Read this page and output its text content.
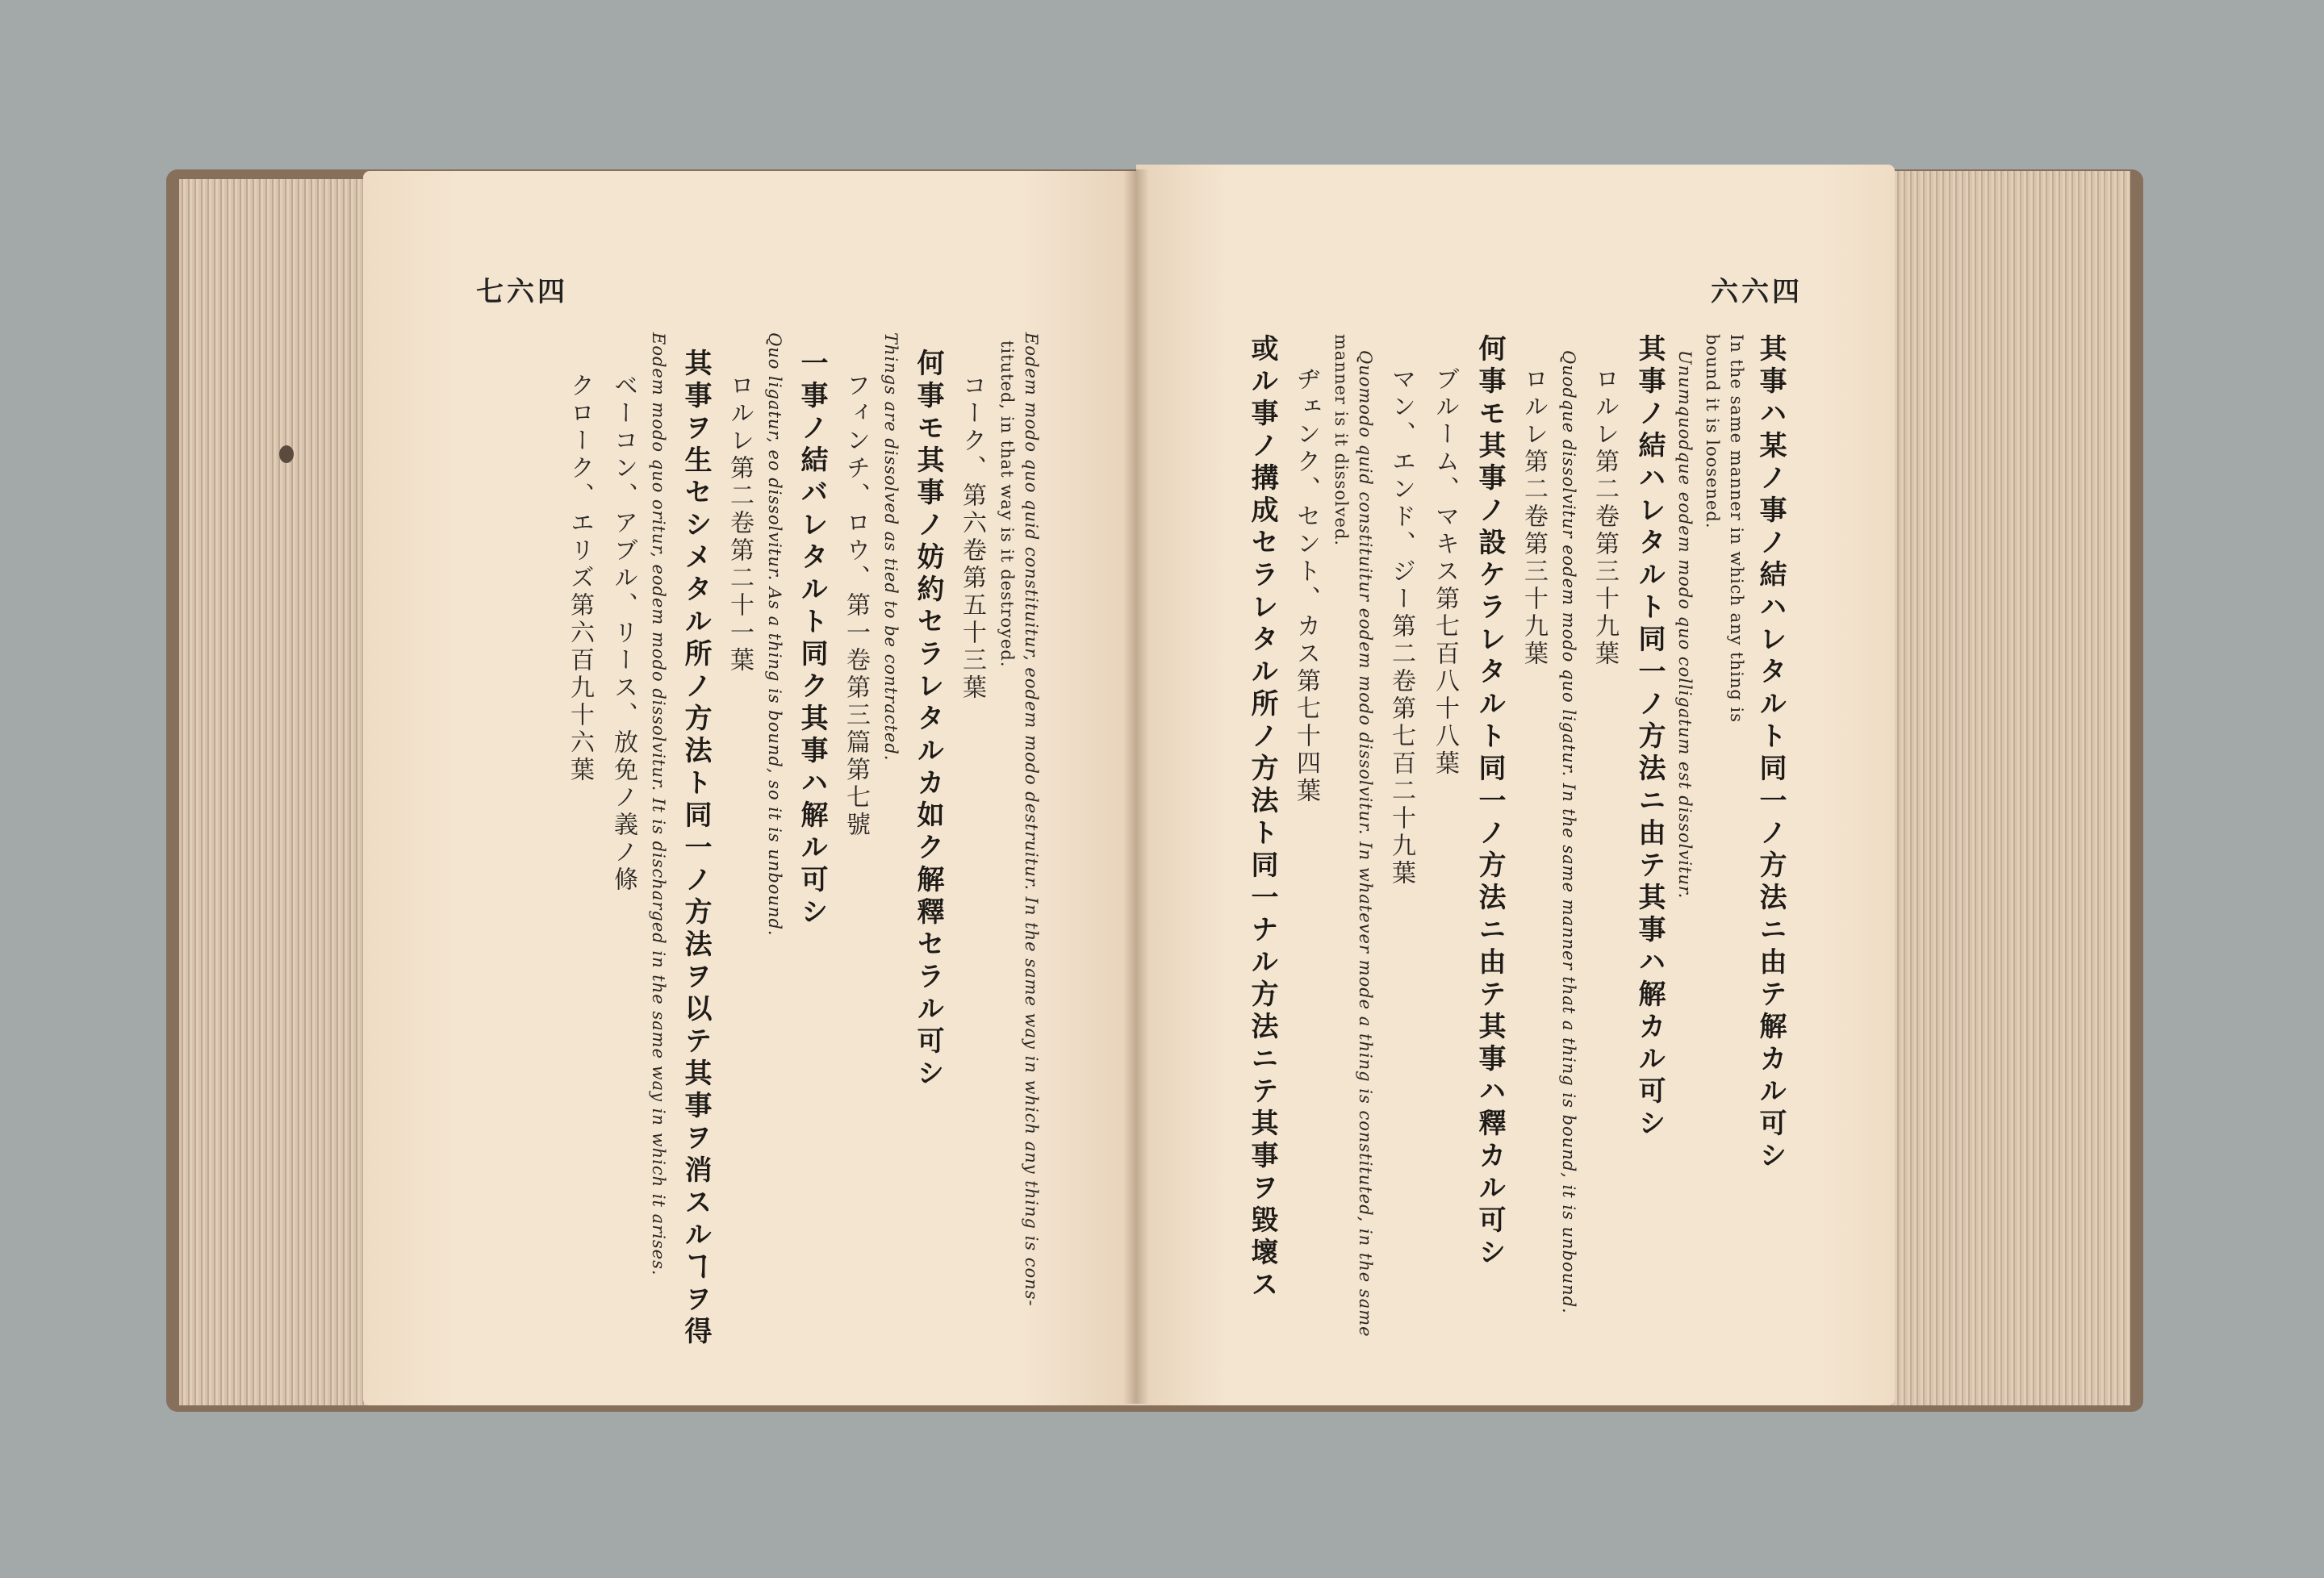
七六四
Eodem modo quo quid constituitur, eodem modo destruitur. In the same way in which any thing is cons-
tituted, in that way is it destroyed.
コーク、第六卷第五十三葉
何事モ其事ノ妨約セラレタルカ如ク解釋セラル可シ
Things are dissolved as tied to be contracted.
フィンチ、ロウ、第一卷第三篇第七號
一事ノ結バレタルト同ク其事ハ解ル可シ
Quo ligatur, eo dissolvitur. As a thing is bound, so it is unbound.
ロルレ第二卷第二十一葉
其事ヲ生セシメタル所ノ方法ト同一ノ方法ヲ以テ其事ヲ消スルヿヲ得
Eodem modo quo oritur, eodem modo dissolvitur. It is discharged in the same way in which it arises.
ベーコン、アブル、リース、放免ノ義ノ條
クローク、エリズ第六百九十六葉
六六四
其事ハ某ノ事ノ結ハレタルト同一ノ方法ニ由テ解カル可シ
In the same manner in which any thing is
bound it is loosened.
Unumquodque eodem modo quo colligatum est dissolvitur.
其事ノ結ハレタルト同一ノ方法ニ由テ其事ハ解カル可シ
ロルレ第二卷第三十九葉
Quodque dissolvitur eodem modo quo ligatur. In the same manner that a thing is bound, it is unbound.
ロルレ第二卷第三十九葉
何事モ其事ノ設ケラレタルト同一ノ方法ニ由テ其事ハ釋カル可シ
ブルーム、マキス第七百八十八葉
マン、エンド、ジー第二卷第七百二十九葉
Quomodo quid constituitur eodem modo dissolvitur. In whatever mode a thing is constituted, in the same
manner is it dissolved.
ヂェンク、セント、カス第七十四葉
或ル事ノ搆成セラレタル所ノ方法ト同一ナル方法ニテ其事ヲ毀壞ス
